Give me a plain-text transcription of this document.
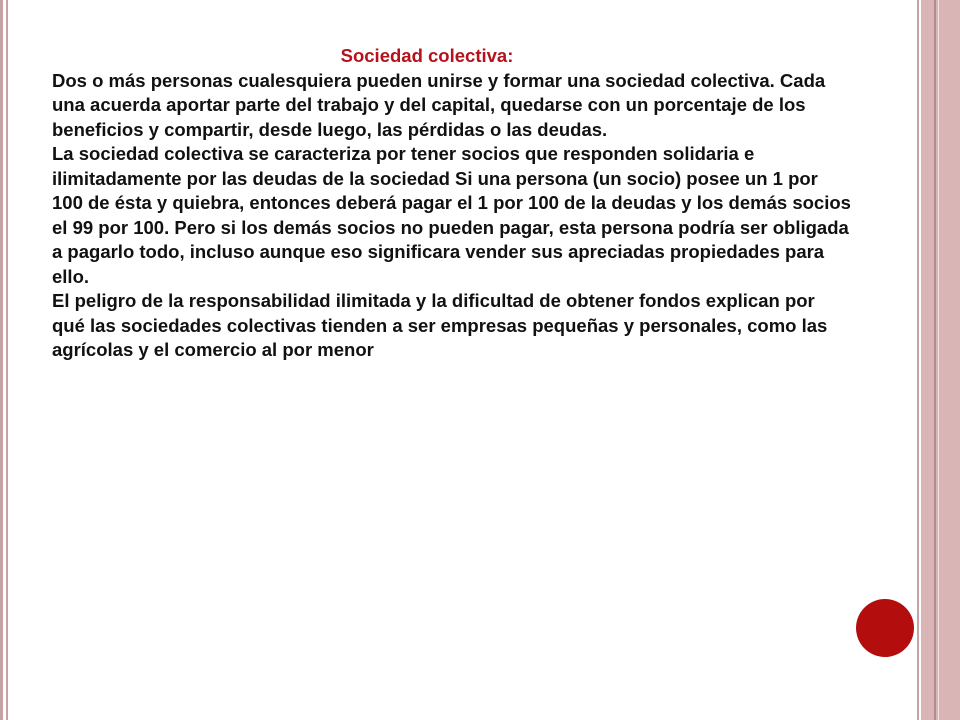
Sociedad colectiva:

Dos o más personas cualesquiera pueden unirse y formar una sociedad colectiva. Cada una acuerda aportar parte del trabajo y del capital, quedarse con un porcentaje de los beneficios y compartir, desde luego, las pérdidas o las deudas.

La sociedad colectiva se caracteriza por tener socios que responden solidaria e ilimitadamente por las deudas de la sociedad Si una persona (un socio) posee un 1 por 100 de ésta y quiebra, entonces deberá pagar el 1 por 100 de la deudas y los demás socios el 99 por 100. Pero si los demás socios no pueden pagar, esta persona podría ser obligada a pagarlo todo, incluso aunque eso significara vender sus apreciadas propiedades para ello.

El peligro de la responsabilidad ilimitada y la dificultad de obtener fondos explican por qué las sociedades colectivas tienden a ser empresas pequeñas y personales, como las agrícolas y el comercio al por menor
